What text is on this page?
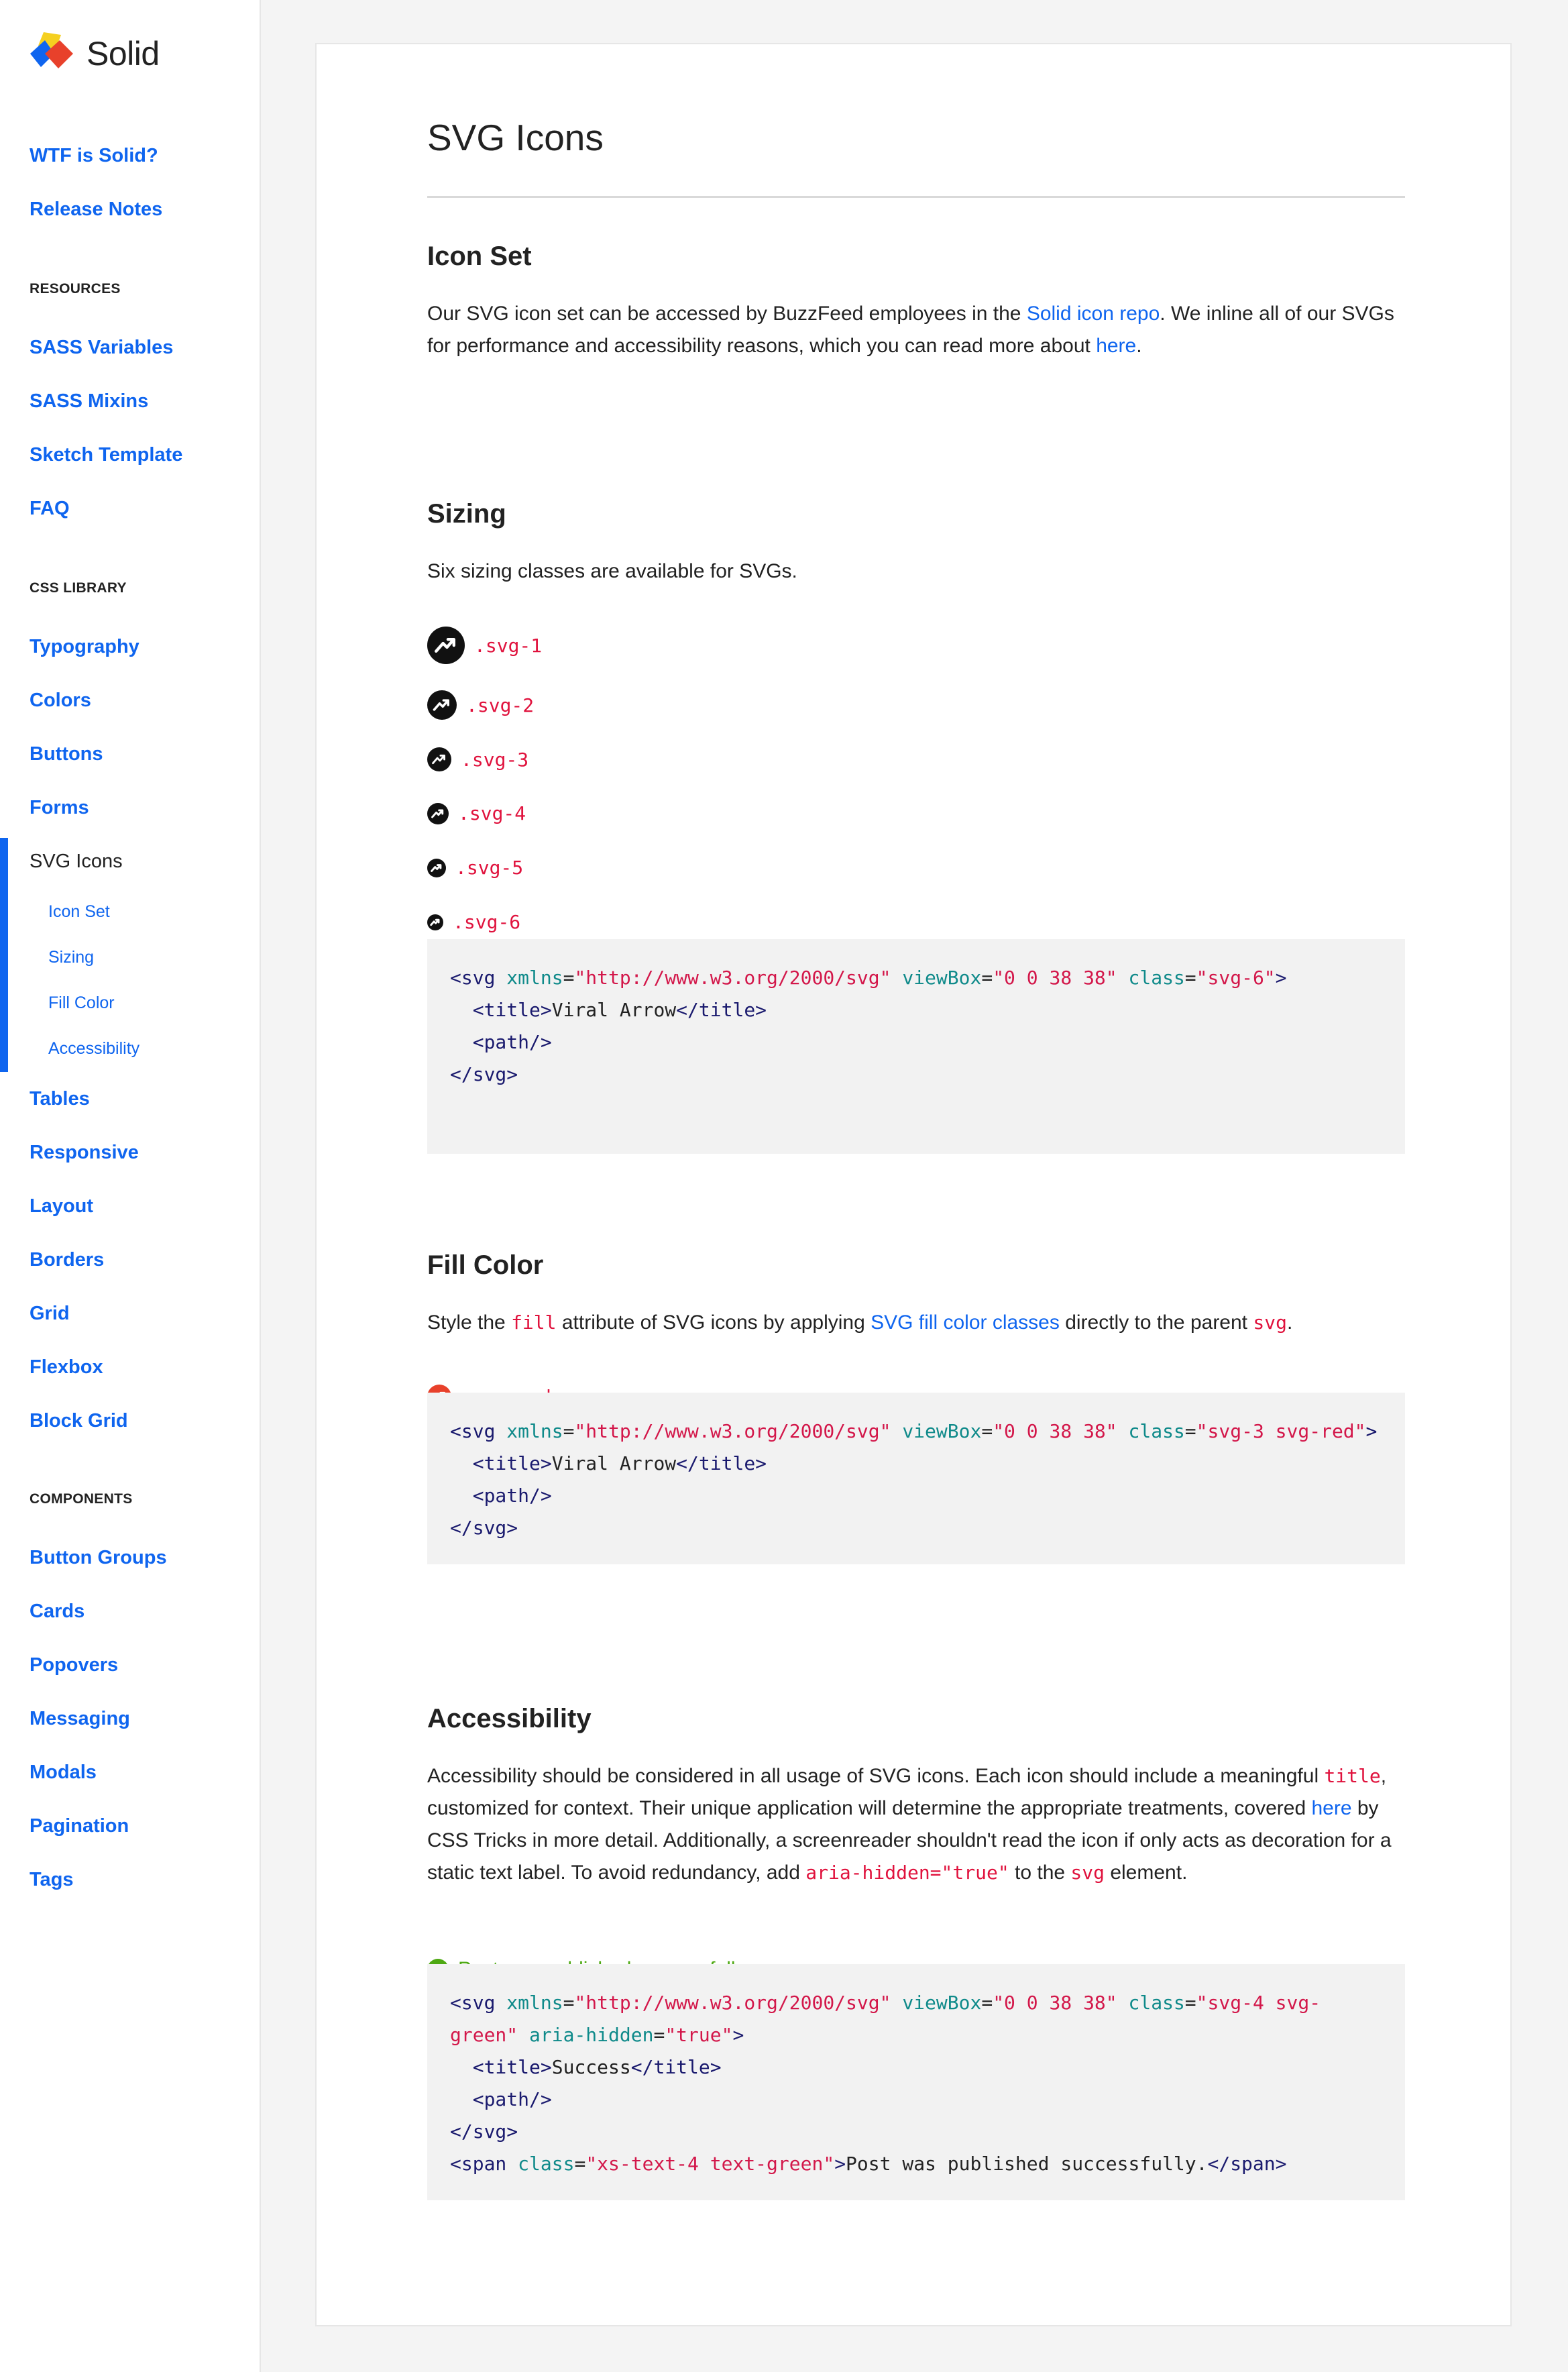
Solid
WTF is Solid?
Release Notes
RESOURCES
SASS Variables
SASS Mixins
Sketch Template
FAQ
CSS LIBRARY
Typography
Colors
Buttons
Forms
SVG Icons
Icon Set
Sizing
Fill Color
Accessibility
Tables
Responsive
Layout
Borders
Grid
Flexbox
Block Grid
COMPONENTS
Button Groups
Cards
Popovers
Messaging
Modals
Pagination
Tags
SVG Icons
Icon Set

Our SVG icon set can be accessed by BuzzFeed employees in the Solid icon repo. We inline all of our SVGs for performance and accessibility reasons, which you can read more about here.

Sizing

Six sizing classes are available for SVGs.

.svg-1
.svg-2
.svg-3
.svg-4
.svg-5
.svg-6
<svg xmlns="http://www.w3.org/2000/svg" viewBox="0 0 38 38" class="svg-6">
<title>Viral Arrow</title>
<path/>
</svg>
Fill Color

Style the fill attribute of SVG icons by applying SVG fill color classes directly to the parent svg.

<svg xmlns="http://www.w3.org/2000/svg" viewBox="0 0 38 38" class="svg-3 svg-red">
<title>Viral Arrow</title>
<path/>
</svg>
Accessibility

Accessibility should be considered in all usage of SVG icons. Each icon should include a meaningful title, customized for context. Their unique application will determine the appropriate treatments, covered here by CSS Tricks in more detail. Additionally, a screenreader shouldn't read the icon if only acts as decoration for a static text label. To avoid redundancy, add aria-hidden="true" to the svg element.

<svg xmlns="http://www.w3.org/2000/svg" viewBox="0 0 38 38" class="svg-4 svg-
green" aria-hidden="true">
<title>Success</title>
<path/>
</svg>
<span class="xs-text-4 text-green">Post was published successfully.</span>
